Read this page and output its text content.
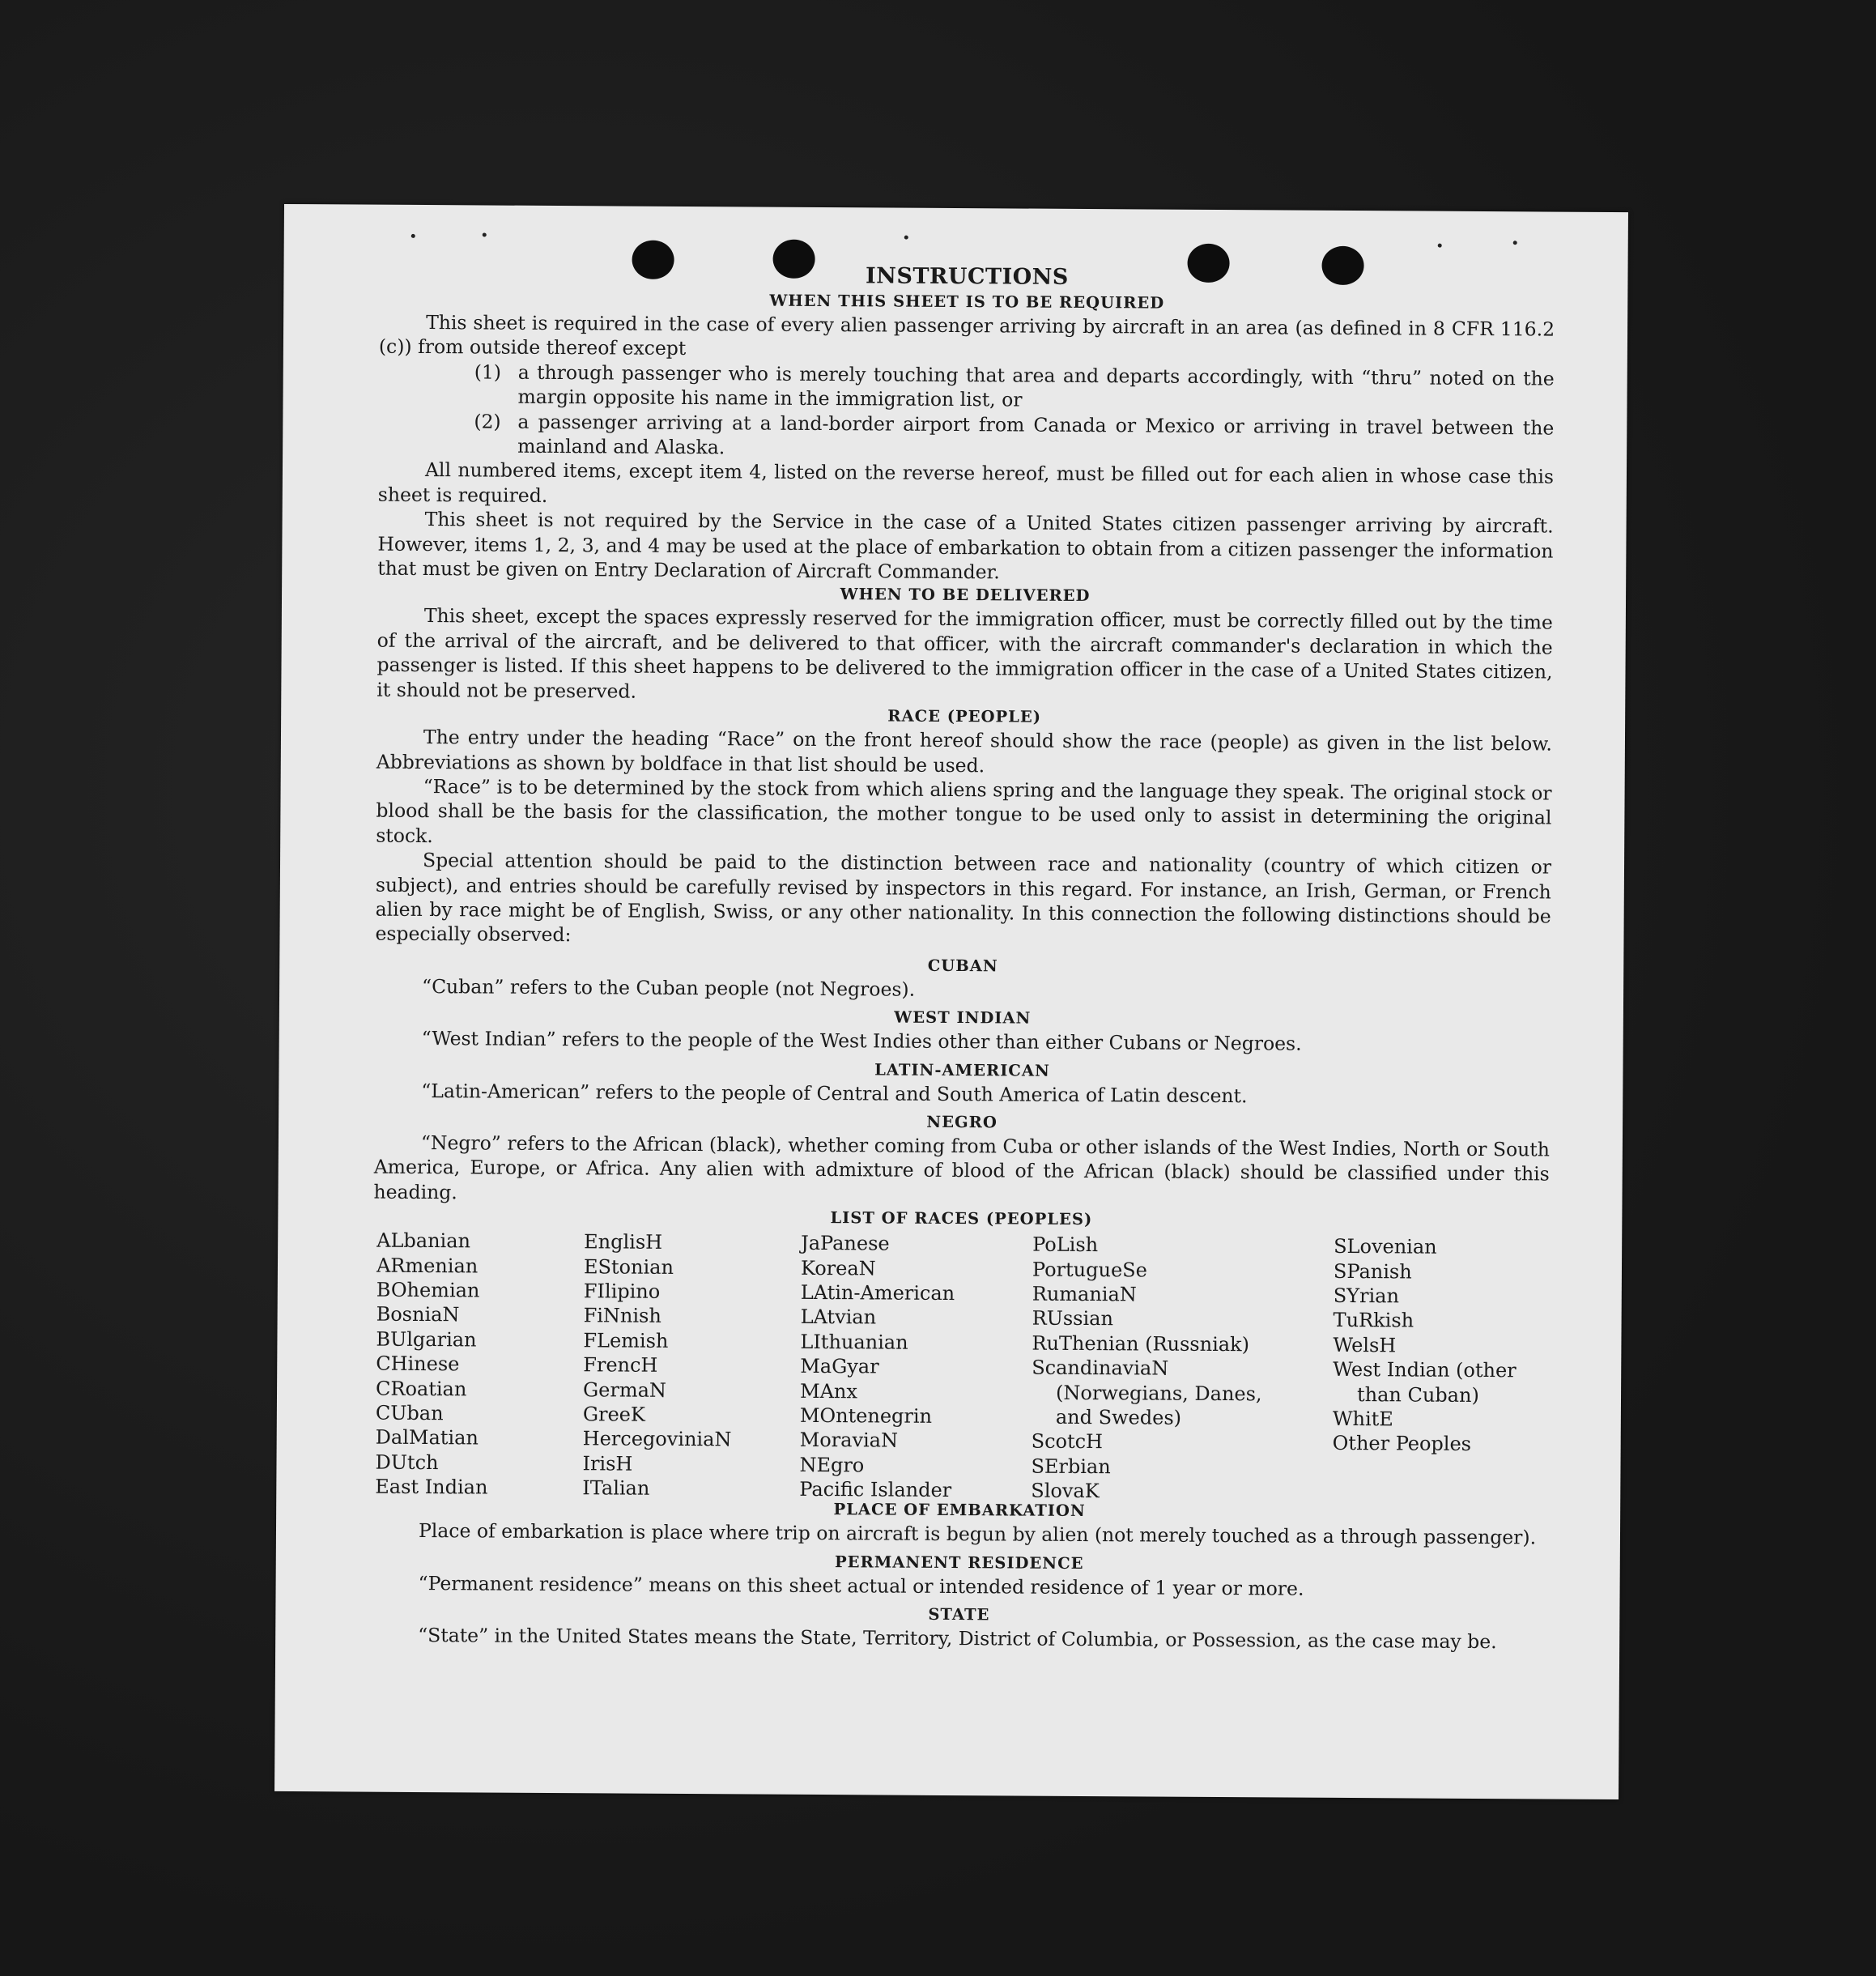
INSTRUCTIONS
WHEN THIS SHEET IS TO BE REQUIRED

This sheet is required in the case of every alien passenger arriving by aircraft in an area (as defined in 8 CFR 116.2 (c)) from outside thereof except

(1) a through passenger who is merely touching that area and departs accordingly, with “thru” noted on the margin opposite his name in the immigration list, or

(2) a passenger arriving at a land-border airport from Canada or Mexico or arriving in travel between the mainland and Alaska.

All numbered items, except item 4, listed on the reverse hereof, must be filled out for each alien in whose case this sheet is required.

This sheet is not required by the Service in the case of a United States citizen passenger arriving by aircraft. However, items 1, 2, 3, and 4 may be used at the place of embarkation to obtain from a citizen passenger the information that must be given on Entry Declaration of Aircraft Commander.

WHEN TO BE DELIVERED

This sheet, except the spaces expressly reserved for the immigration officer, must be correctly filled out by the time of the arrival of the aircraft, and be delivered to that officer, with the aircraft commander's declaration in which the passenger is listed. If this sheet happens to be delivered to the immigration officer in the case of a United States citizen, it should not be preserved.

RACE (PEOPLE)

The entry under the heading “Race” on the front hereof should show the race (people) as given in the list below. Abbreviations as shown by boldface in that list should be used.

“Race” is to be determined by the stock from which aliens spring and the language they speak. The original stock or blood shall be the basis for the classification, the mother tongue to be used only to assist in determining the original stock.

Special attention should be paid to the distinction between race and nationality (country of which citizen or subject), and entries should be carefully revised by inspectors in this regard. For instance, an Irish, German, or French alien by race might be of English, Swiss, or any other nationality. In this connection the following distinctions should be especially observed:

CUBAN

“Cuban” refers to the Cuban people (not Negroes).

WEST INDIAN

“West Indian” refers to the people of the West Indies other than either Cubans or Negroes.

LATIN-AMERICAN

“Latin-American” refers to the people of Central and South America of Latin descent.

NEGRO

“Negro” refers to the African (black), whether coming from Cuba or other islands of the West Indies, North or South America, Europe, or Africa. Any alien with admixture of blood of the African (black) should be classified under this heading.

LIST OF RACES (PEOPLES)
ALbanian
ARmenian
BOhemian
BosniaN
BUlgarian
CHinese
CRoatian
CUban
DalMatian
DUtch
East Indian
EnglisH
EStonian
FIlipino
FiNnish
FLemish
FrencH
GermaN
GreeK
HercegoviniaN
IrisH
ITalian
JaPanese
KoreaN
LAtin-American
LAtvian
LIthuanian
MaGyar
MAnx
MOntenegrin
MoraviaN
NEgro
Pacific Islander
PoLish
PortugueSe
RumaniaN
RUssian
RuThenian (Russniak)
ScandinaviaN (Norwegians, Danes, and Swedes)
ScotcH
SErbian
SlovaK
SLovenian
SPanish
SYrian
TuRkish
WelsH
West Indian (other than Cuban)
WhitE
Other Peoples
PLACE OF EMBARKATION

Place of embarkation is place where trip on aircraft is begun by alien (not merely touched as a through passenger).

PERMANENT RESIDENCE

“Permanent residence” means on this sheet actual or intended residence of 1 year or more.

STATE

“State” in the United States means the State, Territory, District of Columbia, or Possession, as the case may be.
